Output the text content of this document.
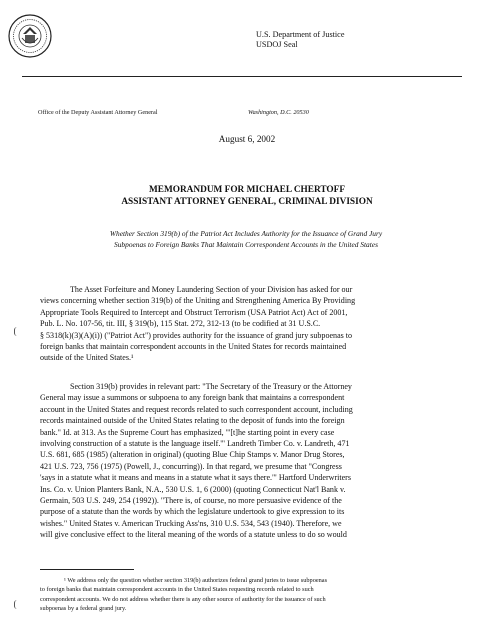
U.S. Department of Justice
USDOJ Seal
Office of the Deputy Assistant Attorney General	Washington, D.C. 20530
August 6, 2002
MEMORANDUM FOR MICHAEL CHERTOFF
ASSISTANT ATTORNEY GENERAL, CRIMINAL DIVISION
Whether Section 319(b) of the Patriot Act Includes Authority for the Issuance of Grand Jury
Subpoenas to Foreign Banks That Maintain Correspondent Accounts in the United States
The Asset Forfeiture and Money Laundering Section of your Division has asked for our
views concerning whether section 319(b) of the Uniting and Strengthening America By Providing
Appropriate Tools Required to Intercept and Obstruct Terrorism (USA Patriot Act) Act of 2001,
Pub. L. No. 107-56, tit. III, § 319(b), 115 Stat. 272, 312-13 (to be codified at 31 U.S.C.
§ 5318(k)(3)(A)(i)) ("Patriot Act") provides authority for the issuance of grand jury subpoenas to
foreign banks that maintain correspondent accounts in the United States for records maintained
outside of the United States.¹
Section 319(b) provides in relevant part: "The Secretary of the Treasury or the Attorney
General may issue a summons or subpoena to any foreign bank that maintains a correspondent
account in the United States and request records related to such correspondent account, including
records maintained outside of the United States relating to the deposit of funds into the foreign
bank." Id. at 313. As the Supreme Court has emphasized, "'[t]he starting point in every case
involving construction of a statute is the language itself.'" Landreth Timber Co. v. Landreth, 471
U.S. 681, 685 (1985) (alteration in original) (quoting Blue Chip Stamps v. Manor Drug Stores,
421 U.S. 723, 756 (1975) (Powell, J., concurring)). In that regard, we presume that "Congress
'says in a statute what it means and means in a statute what it says there.'" Hartford Underwriters
Ins. Co. v. Union Planters Bank, N.A., 530 U.S. 1, 6 (2000) (quoting Connecticut Nat'l Bank v.
Germain, 503 U.S. 249, 254 (1992)). "There is, of course, no more persuasive evidence of the
purpose of a statute than the words by which the legislature undertook to give expression to its
wishes." United States v. American Trucking Ass'ns, 310 U.S. 534, 543 (1940). Therefore, we
will give conclusive effect to the literal meaning of the words of a statute unless to do so would
¹ We address only the question whether section 319(b) authorizes federal grand juries to issue subpoenas
to foreign banks that maintain correspondent accounts in the United States requesting records related to such
correspondent accounts. We do not address whether there is any other source of authority for the issuance of such
subpoenas by a federal grand jury.
